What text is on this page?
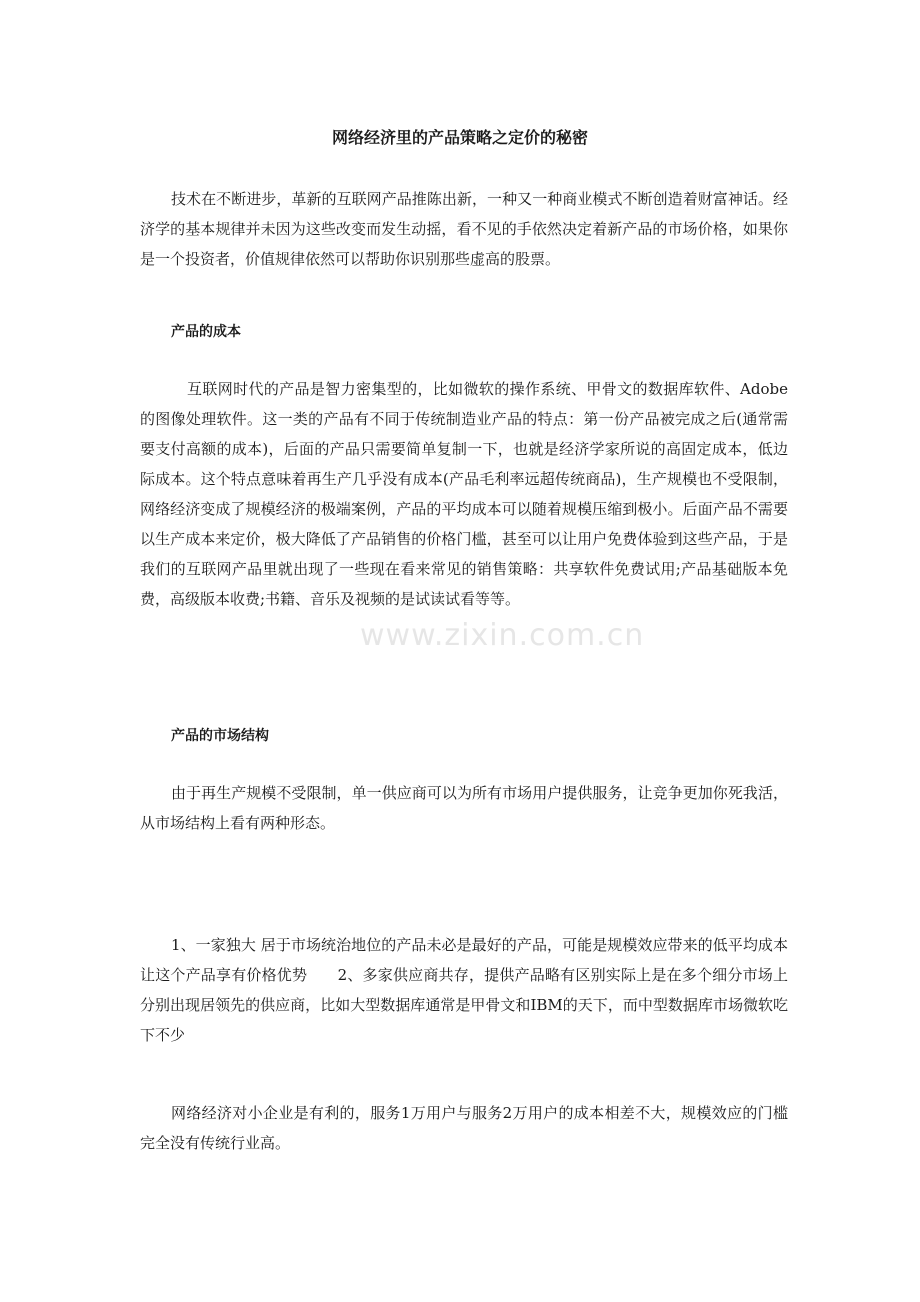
www.zixin.com.cn
网络经济里的产品策略之定价的秘密

技术在不断进步，革新的互联网产品推陈出新，一种又一种商业模式不断创造着财富神话。经济学的基本规律并未因为这些改变而发生动摇，看不见的手依然决定着新产品的市场价格，如果你是一个投资者，价值规律依然可以帮助你识别那些虚高的股票。

产品的成本

互联网时代的产品是智力密集型的，比如微软的操作系统、甲骨文的数据库软件、Adobe的图像处理软件。这一类的产品有不同于传统制造业产品的特点：第一份产品被完成之后(通常需要支付高额的成本)，后面的产品只需要简单复制一下，也就是经济学家所说的高固定成本，低边际成本。这个特点意味着再生产几乎没有成本(产品毛利率远超传统商品)，生产规模也不受限制，网络经济变成了规模经济的极端案例，产品的平均成本可以随着规模压缩到极小。后面产品不需要以生产成本来定价，极大降低了产品销售的价格门槛，甚至可以让用户免费体验到这些产品，于是我们的互联网产品里就出现了一些现在看来常见的销售策略：共享软件免费试用;产品基础版本免费，高级版本收费;书籍、音乐及视频的是试读试看等等。

产品的市场结构

由于再生产规模不受限制，单一供应商可以为所有市场用户提供服务，让竞争更加你死我活，从市场结构上看有两种形态。

1、一家独大 居于市场统治地位的产品未必是最好的产品，可能是规模效应带来的低平均成本让这个产品享有价格优势　　2、多家供应商共存，提供产品略有区别实际上是在多个细分市场上分别出现居领先的供应商，比如大型数据库通常是甲骨文和IBM的天下，而中型数据库市场微软吃下不少

网络经济对小企业是有利的，服务1万用户与服务2万用户的成本相差不大，规模效应的门槛完全没有传统行业高。
